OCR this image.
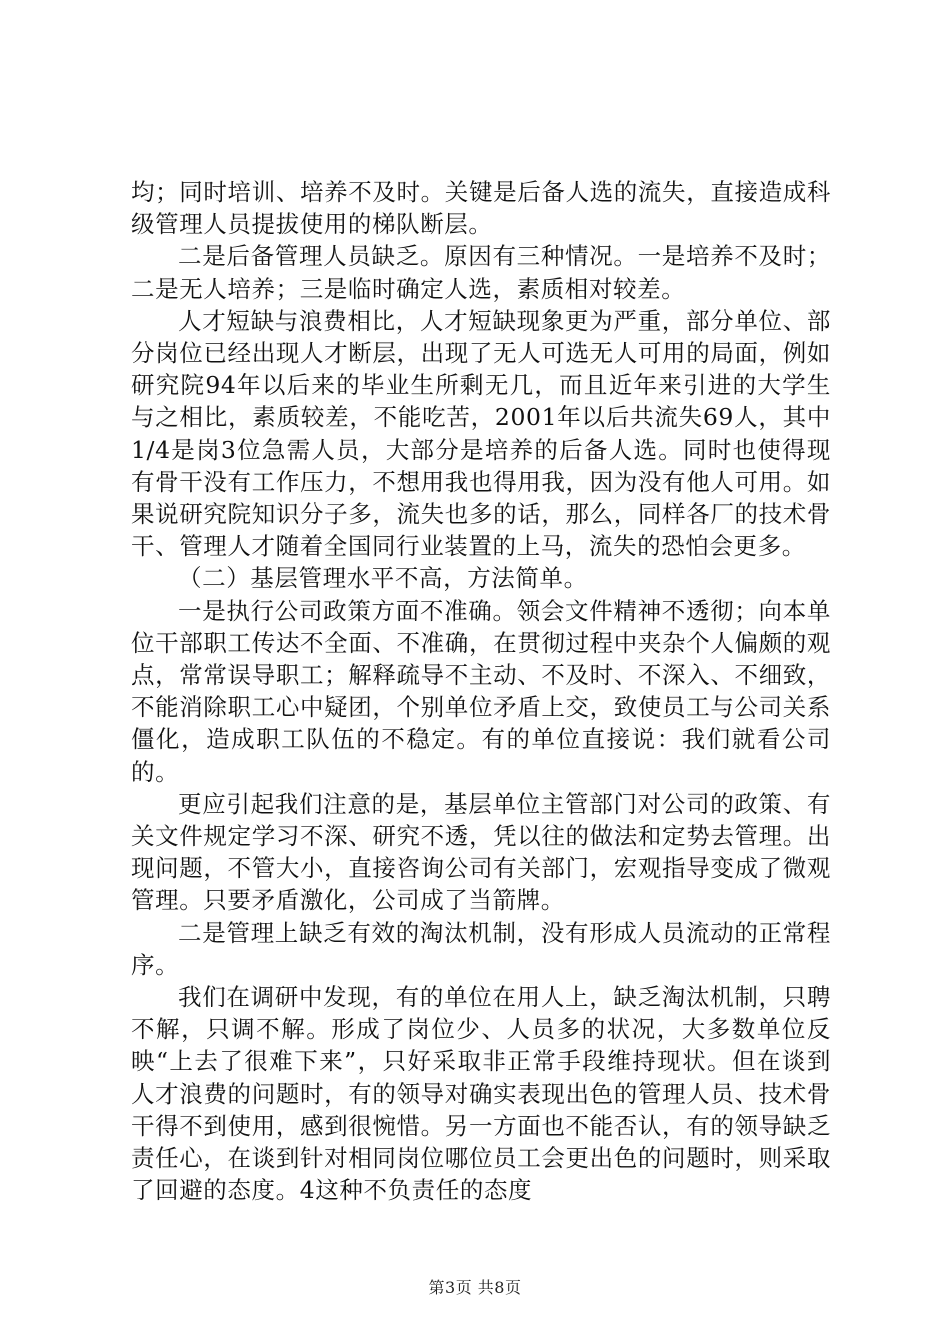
均；同时培训、培养不及时。关键是后备人选的流失，直接造成科级管理人员提拔使用的梯队断层。

二是后备管理人员缺乏。原因有三种情况。一是培养不及时；二是无人培养；三是临时确定人选，素质相对较差。

人才短缺与浪费相比，人才短缺现象更为严重，部分单位、部分岗位已经出现人才断层，出现了无人可选无人可用的局面，例如研究院94年以后来的毕业生所剩无几，而且近年来引进的大学生与之相比，素质较差，不能吃苦，2001年以后共流失69人，其中1/4是岗3位急需人员，大部分是培养的后备人选。同时也使得现有骨干没有工作压力，不想用我也得用我，因为没有他人可用。如果说研究院知识分子多，流失也多的话，那么，同样各厂的技术骨干、管理人才随着全国同行业装置的上马，流失的恐怕会更多。

（二）基层管理水平不高，方法简单。

一是执行公司政策方面不准确。领会文件精神不透彻；向本单位干部职工传达不全面、不准确，在贯彻过程中夹杂个人偏颇的观点，常常误导职工；解释疏导不主动、不及时、不深入、不细致，不能消除职工心中疑团，个别单位矛盾上交，致使员工与公司关系僵化，造成职工队伍的不稳定。有的单位直接说：我们就看公司的。

更应引起我们注意的是，基层单位主管部门对公司的政策、有关文件规定学习不深、研究不透，凭以往的做法和定势去管理。出现问题，不管大小，直接咨询公司有关部门，宏观指导变成了微观管理。只要矛盾激化，公司成了当箭牌。

二是管理上缺乏有效的淘汰机制，没有形成人员流动的正常程序。

我们在调研中发现，有的单位在用人上，缺乏淘汰机制，只聘不解，只调不解。形成了岗位少、人员多的状况，大多数单位反映“上去了很难下来”，只好采取非正常手段维持现状。但在谈到人才浪费的问题时，有的领导对确实表现出色的管理人员、技术骨干得不到使用，感到很惋惜。另一方面也不能否认，有的领导缺乏责任心，在谈到针对相同岗位哪位员工会更出色的问题时，则采取了回避的态度。4这种不负责任的态度

第3页 共8页
